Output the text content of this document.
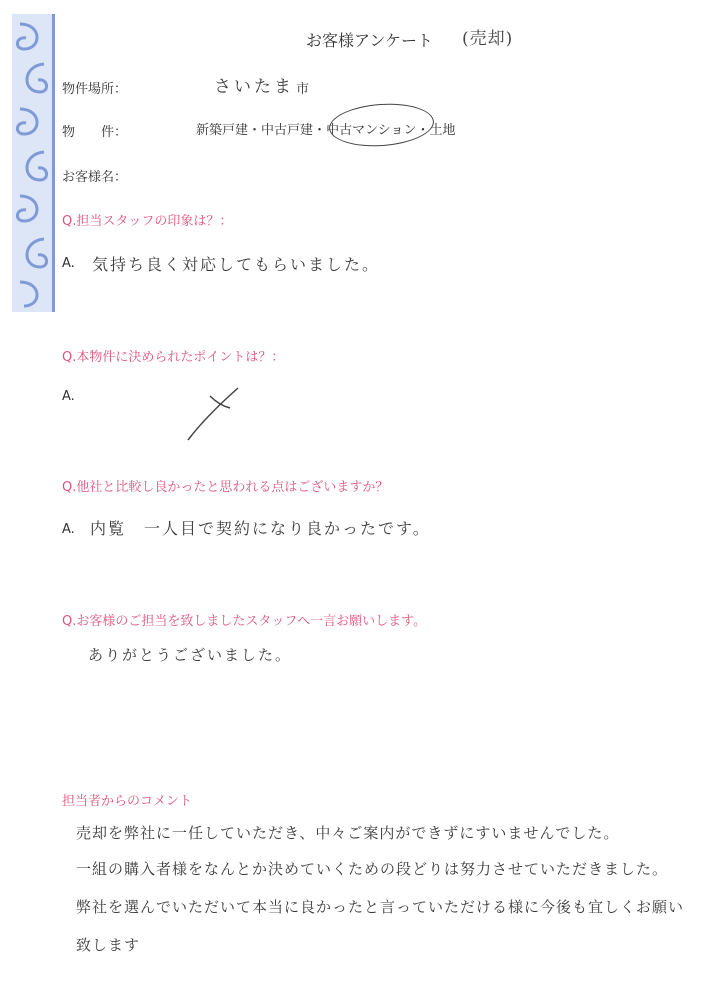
お客様アンケート (売却)
物件場所：	さいたま 市
物　　件：	新築戸建・中古戸建・中古マンション・土地
お客様名：
Q.担当スタッフの印象は？：
A. 気持ち良く対応してもらいました。
Q.本物件に決められたポイントは？：
A.
Q.他社と比較し良かったと思われる点はございますか？
A. 内覧　一人目で契約になり良かったです。
Q.お客様のご担当を致しましたスタッフへ一言お願いします。
ありがとうございました。
担当者からのコメント
売却を弊社に一任していただき、中々ご案内ができずにすいませんでした。
一組の購入者様をなんとか決めていくための段どりは努力させていただきました。
弊社を選んでいただいて本当に良かったと言っていただける様に今後も宜しくお願い
致します
